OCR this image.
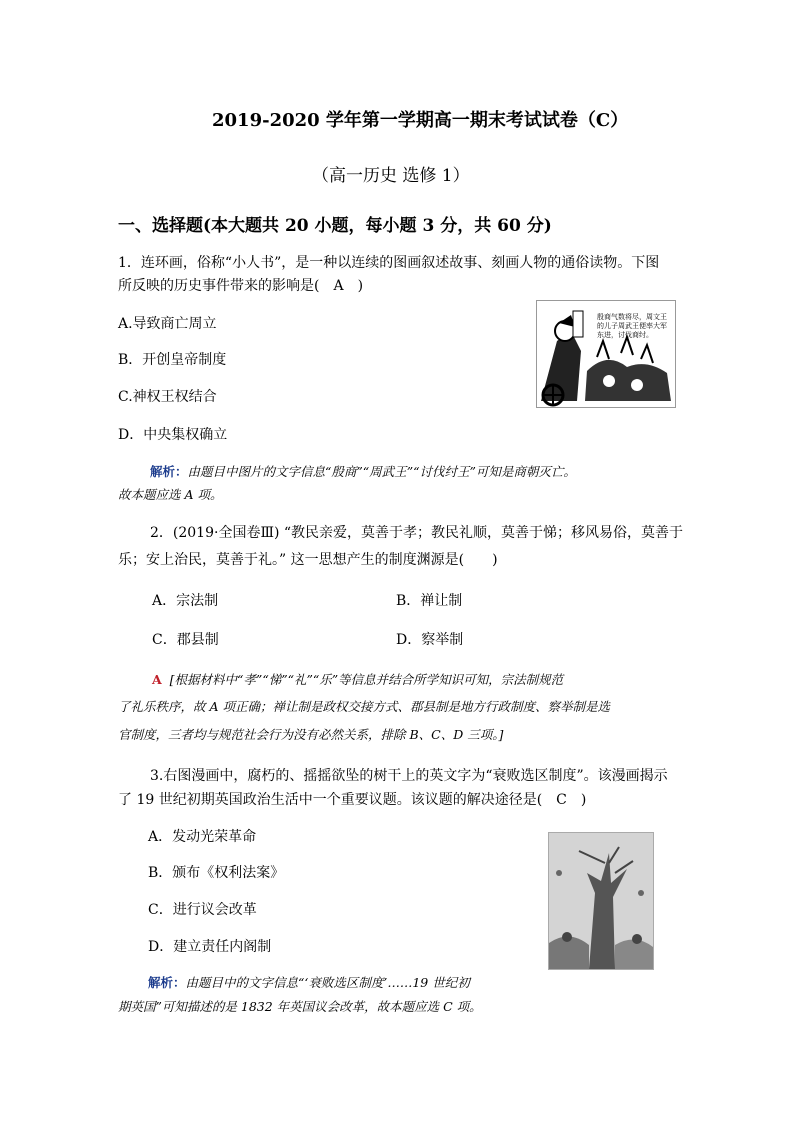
2019-2020 学年第一学期高一期末考试试卷（C）
（高一历史 选修 1）
一、选择题(本大题共 20 小题，每小题 3 分，共 60 分)
1．连环画，俗称“小人书”，是一种以连续的图画叙述故事、刻画人物的通俗读物。下图
所反映的历史事件带来的影响是(　A　)
A.导致商亡周立
B．开创皇帝制度
C.神权王权结合
D．中央集权确立
殷商气数将尽，周文王的儿子周武王便率大军东进，讨伐商纣。
解析：由题目中图片的文字信息“殷商”“周武王”“讨伐纣王”可知是商朝灭亡。
故本题应选 A 项。
2．(2019·全国卷Ⅲ) “教民亲爱，莫善于孝；教民礼顺，莫善于悌；移风易俗，莫善于
乐；安上治民，莫善于礼。” 这一思想产生的制度渊源是(　　)
A．宗法制	B．禅让制
C．郡县制	D．察举制
A [根据材料中“孝”“悌”“礼”“乐”等信息并结合所学知识可知，宗法制规范
了礼乐秩序，故 A 项正确；禅让制是政权交接方式、郡县制是地方行政制度、察举制是选
官制度，三者均与规范社会行为没有必然关系，排除 B、C、D 三项。]
3.右图漫画中，腐朽的、摇摇欲坠的树干上的英文字为“衰败选区制度”。该漫画揭示
了 19 世纪初期英国政治生活中一个重要议题。该议题的解决途径是(　C　)
A．发动光荣革命
B．颁布《权利法案》
C．进行议会改革
D．建立责任内阁制
解析：由题目中的文字信息“‘衰败选区制度’……19 世纪初
期英国”可知描述的是 1832 年英国议会改革，故本题应选 C 项。
